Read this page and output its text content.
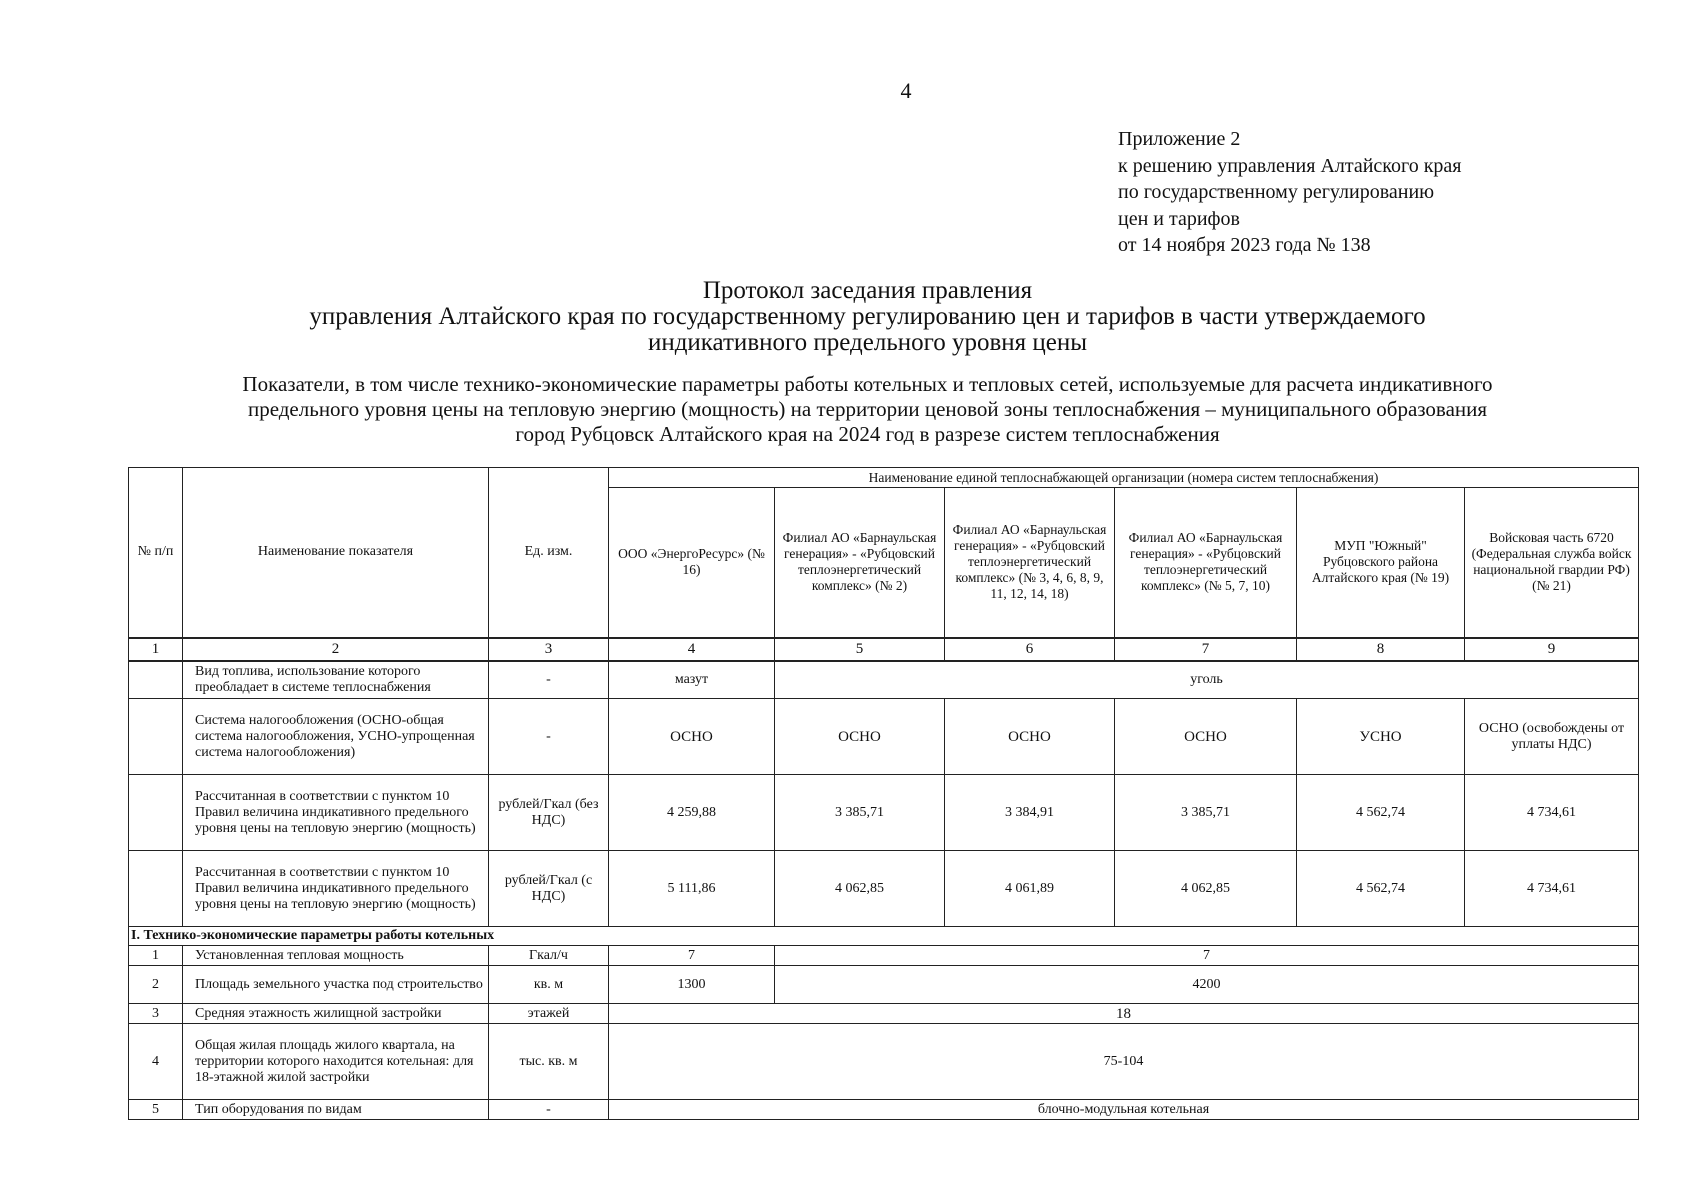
4
Приложение 2
к решению управления Алтайского края
по государственному регулированию
цен и тарифов
от 14 ноября 2023 года № 138
Протокол заседания правления
управления Алтайского края по государственному регулированию цен и тарифов в части утверждаемого
индикативного предельного уровня цены
Показатели, в том числе технико-экономические параметры работы котельных и тепловых сетей, используемые для расчета индикативного
предельного уровня цены на тепловую энергию (мощность) на территории ценовой зоны теплоснабжения – муниципального образования
город Рубцовск Алтайского края на 2024 год в разрезе систем теплоснабжения
№ п/п	Наименование показателя	Ед. изм.	Наименование единой теплоснабжающей организации (номера систем теплоснабжения)					
			ООО «ЭнергоРесурс» (№ 16)	Филиал АО «Барнаульская генерация» - «Рубцовский теплоэнергетический комплекс» (№ 2)	Филиал АО «Барнаульская генерация» - «Рубцовский теплоэнергетический комплекс» (№ 3, 4, 6, 8, 9, 11, 12, 14, 18)	Филиал АО «Барнаульская генерация» - «Рубцовский теплоэнергетический комплекс» (№ 5, 7, 10)	МУП "Южный" Рубцовского района Алтайского края (№ 19)	Войсковая часть 6720 (Федеральная служба войск национальной гвардии РФ) (№ 21)
1	2	3	4	5	6	7	8	9
	Вид топлива, использование которого преобладает в системе теплоснабжения	-	мазут	уголь				
	Система налогообложения (ОСНО-общая система налогообложения, УСНО-упрощенная система налогообложения)	-	ОСНО	ОСНО	ОСНО	ОСНО	УСНО	ОСНО (освобождены от уплаты НДС)
	Рассчитанная в соответствии с пунктом 10 Правил величина индикативного предельного уровня цены на тепловую энергию (мощность)	рублей/Гкал (без НДС)	4 259,88	3 385,71	3 384,91	3 385,71	4 562,74	4 734,61
	Рассчитанная в соответствии с пунктом 10 Правил величина индикативного предельного уровня цены на тепловую энергию (мощность)	рублей/Гкал (с НДС)	5 111,86	4 062,85	4 061,89	4 062,85	4 562,74	4 734,61
I. Технико-экономические параметры работы котельных								
1	Установленная тепловая мощность	Гкал/ч	7	7				
2	Площадь земельного участка под строительство	кв. м	1300	4200				
3	Средняя этажность жилищной застройки	этажей	18					
4	Общая жилая площадь жилого квартала, на территории которого находится котельная: для 18-этажной жилой застройки	тыс. кв. м	75-104					
5	Тип оборудования по видам	-	блочно-модульная котельная					
